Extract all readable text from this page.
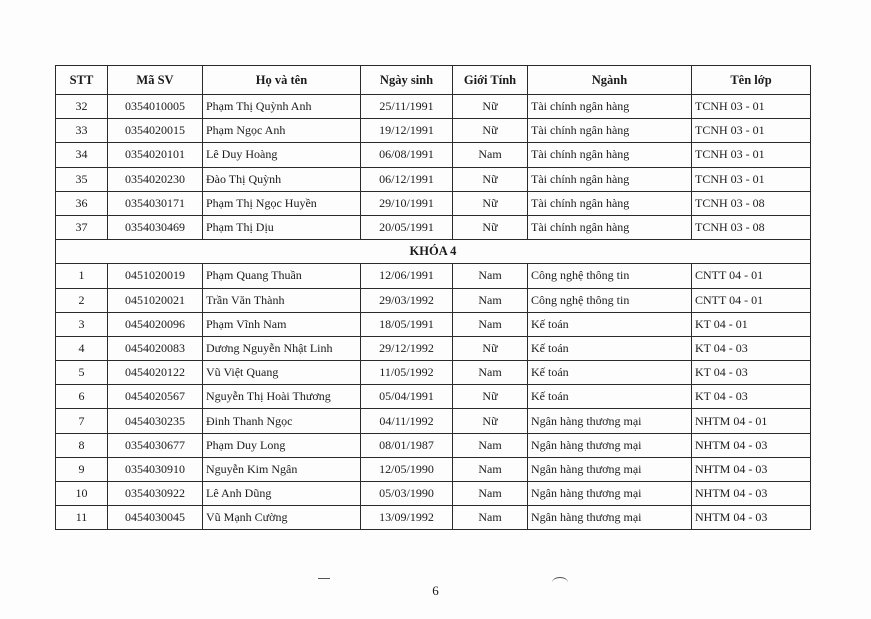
STT	Mã SV	Họ và tên	Ngày sinh	Giới Tính	Ngành	Tên lớp
32	0354010005	Phạm Thị Quỳnh Anh	25/11/1991	Nữ	Tài chính ngân hàng	TCNH 03 - 01
33	0354020015	Phạm Ngọc Anh	19/12/1991	Nữ	Tài chính ngân hàng	TCNH 03 - 01
34	0354020101	Lê Duy Hoàng	06/08/1991	Nam	Tài chính ngân hàng	TCNH 03 - 01
35	0354020230	Đào Thị Quỳnh	06/12/1991	Nữ	Tài chính ngân hàng	TCNH 03 - 01
36	0354030171	Phạm Thị Ngọc Huyền	29/10/1991	Nữ	Tài chính ngân hàng	TCNH 03 - 08
37	0354030469	Phạm Thị Dịu	20/05/1991	Nữ	Tài chính ngân hàng	TCNH 03 - 08
KHÓA 4						
1	0451020019	Phạm Quang Thuần	12/06/1991	Nam	Công nghệ thông tin	CNTT 04 - 01
2	0451020021	Trần Văn Thành	29/03/1992	Nam	Công nghệ thông tin	CNTT 04 - 01
3	0454020096	Phạm Vĩnh Nam	18/05/1991	Nam	Kế toán	KT 04 - 01
4	0454020083	Dương Nguyễn Nhật Linh	29/12/1992	Nữ	Kế toán	KT 04 - 03
5	0454020122	Vũ Việt Quang	11/05/1992	Nam	Kế toán	KT 04 - 03
6	0454020567	Nguyễn Thị Hoài Thương	05/04/1991	Nữ	Kế toán	KT 04 - 03
7	0454030235	Đinh Thanh Ngọc	04/11/1992	Nữ	Ngân hàng thương mại	NHTM 04 - 01
8	0354030677	Phạm Duy Long	08/01/1987	Nam	Ngân hàng thương mại	NHTM 04 - 03
9	0354030910	Nguyễn Kim Ngân	12/05/1990	Nam	Ngân hàng thương mại	NHTM 04 - 03
10	0354030922	Lê Anh Dũng	05/03/1990	Nam	Ngân hàng thương mại	NHTM 04 - 03
11	0454030045	Vũ Mạnh Cường	13/09/1992	Nam	Ngân hàng thương mại	NHTM 04 - 03
6
